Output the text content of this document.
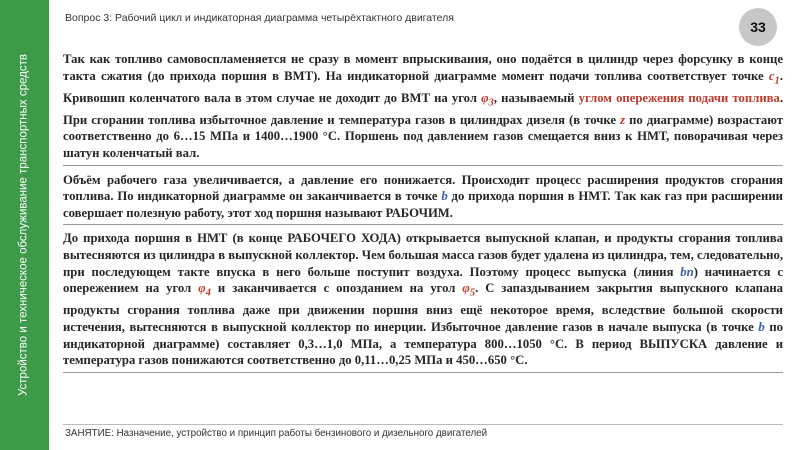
Устройство и техническое обслуживание транспортных средств
Вопрос 3: Рабочий цикл и индикаторная диаграмма четырёхтактного двигателя
33

Так как топливо самовоспламеняется не сразу в момент впрыскивания, оно подаётся в цилиндр через форсунку в конце такта сжатия (до прихода поршня в ВМТ). На индикаторной диаграмме момент подачи топлива соответствует точке $c_1$. Кривошип коленчатого вала в этом случае не доходит до ВМТ на угол $\varphi_3$, называемый углом опережения подачи топлива. При сгорании топлива избыточное давление и температура газов в цилиндрах дизеля (в точке z по диаграмме) возрастают соответственно до 6…15 МПа и 1400…1900 °С. Поршень под давлением газов смещается вниз к НМТ, поворачивая через шатун коленчатый вал.

Объём рабочего газа увеличивается, а давление его понижается. Происходит процесс расширения продуктов сгорания топлива. По индикаторной диаграмме он заканчивается в точке b до прихода поршня в НМТ. Так как газ при расширении совершает полезную работу, этот ход поршня называют РАБОЧИМ.

До прихода поршня в НМТ (в конце РАБОЧЕГО ХОДА) открывается выпускной клапан, и продукты сгорания топлива вытесняются из цилиндра в выпускной коллектор. Чем большая масса газов будет удалена из цилиндра, тем, следовательно, при последующем такте впуска в него больше поступит воздуха. Поэтому процесс выпуска (линия bn) начинается с опережением на угол $\varphi_4$ и заканчивается с опозданием на угол $\varphi_5$. С запаздыванием закрытия выпускного клапана продукты сгорания топлива даже при движении поршня вниз ещё некоторое время, вследствие большой скорости истечения, вытесняются в выпускной коллектор по инерции. Избыточное давление газов в начале выпуска (в точке b по индикаторной диаграмме) составляет 0,3…1,0 МПа, а температура 800…1050 °С. В период ВЫПУСКА давление и температура газов понижаются соответственно до 0,11…0,25 МПа и 450…650 °С.

ЗАНЯТИЕ: Назначение, устройство и принцип работы бензинового и дизельного двигателей
